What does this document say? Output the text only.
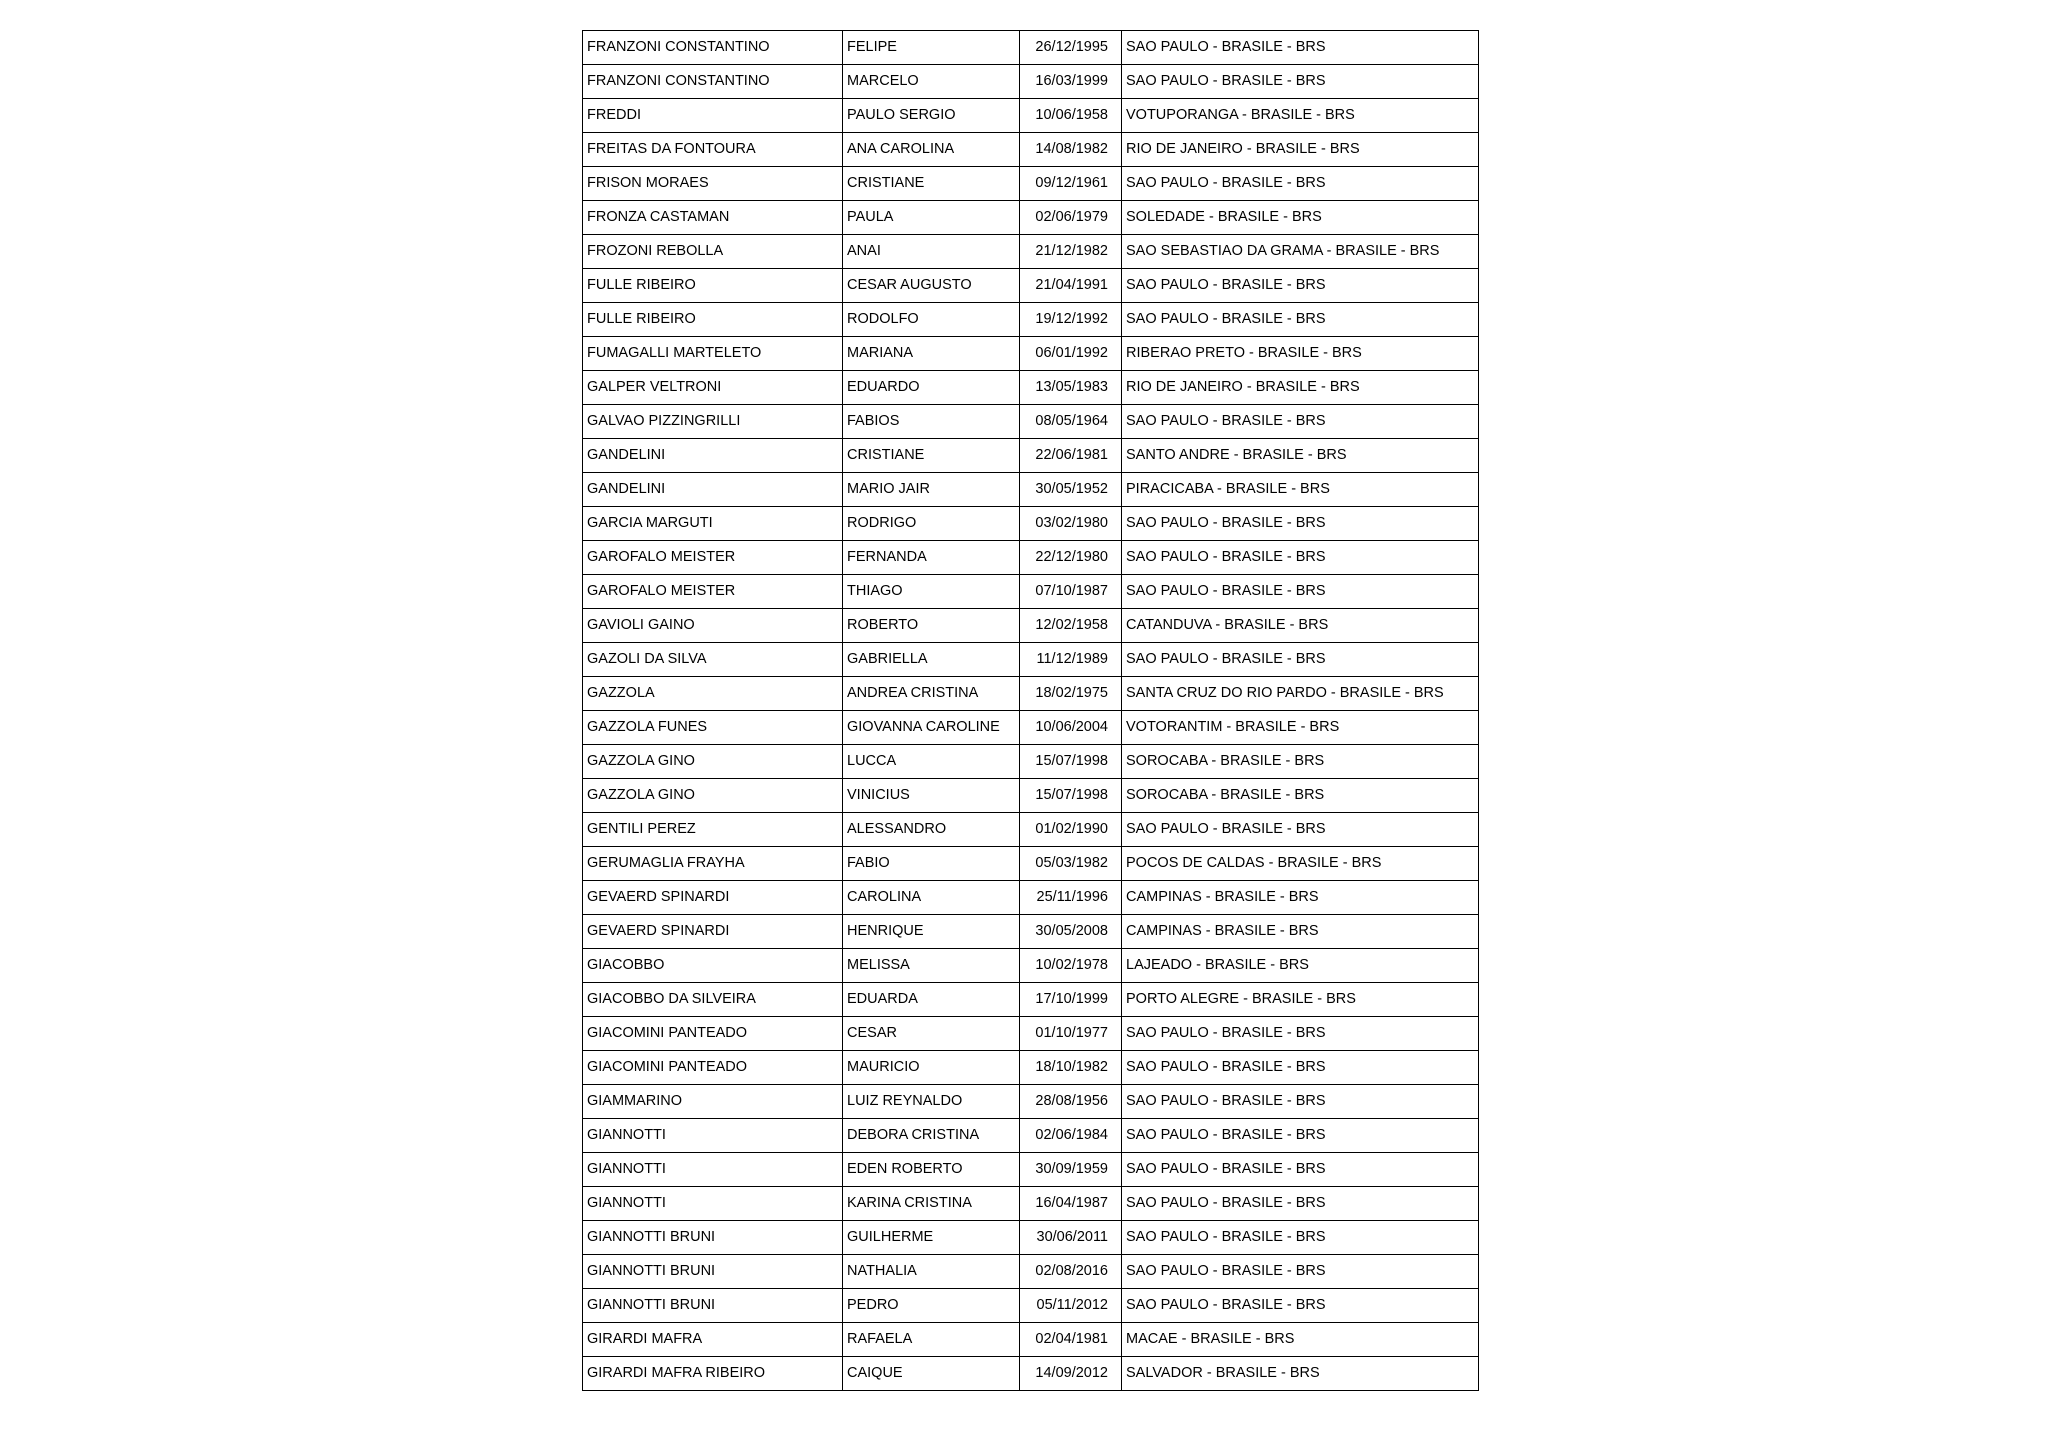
FRANZONI CONSTANTINO	FELIPE	26/12/1995	SAO PAULO - BRASILE - BRS
FRANZONI CONSTANTINO	MARCELO	16/03/1999	SAO PAULO - BRASILE - BRS
FREDDI	PAULO SERGIO	10/06/1958	VOTUPORANGA - BRASILE - BRS
FREITAS DA FONTOURA	ANA CAROLINA	14/08/1982	RIO DE JANEIRO - BRASILE - BRS
FRISON MORAES	CRISTIANE	09/12/1961	SAO PAULO - BRASILE - BRS
FRONZA CASTAMAN	PAULA	02/06/1979	SOLEDADE - BRASILE - BRS
FROZONI REBOLLA	ANAI	21/12/1982	SAO SEBASTIAO DA GRAMA - BRASILE - BRS
FULLE RIBEIRO	CESAR AUGUSTO	21/04/1991	SAO PAULO - BRASILE - BRS
FULLE RIBEIRO	RODOLFO	19/12/1992	SAO PAULO - BRASILE - BRS
FUMAGALLI MARTELETO	MARIANA	06/01/1992	RIBERAO PRETO - BRASILE - BRS
GALPER VELTRONI	EDUARDO	13/05/1983	RIO DE JANEIRO - BRASILE - BRS
GALVAO PIZZINGRILLI	FABIOS	08/05/1964	SAO PAULO - BRASILE - BRS
GANDELINI	CRISTIANE	22/06/1981	SANTO ANDRE - BRASILE - BRS
GANDELINI	MARIO JAIR	30/05/1952	PIRACICABA - BRASILE - BRS
GARCIA MARGUTI	RODRIGO	03/02/1980	SAO PAULO - BRASILE - BRS
GAROFALO MEISTER	FERNANDA	22/12/1980	SAO PAULO - BRASILE - BRS
GAROFALO MEISTER	THIAGO	07/10/1987	SAO PAULO - BRASILE - BRS
GAVIOLI GAINO	ROBERTO	12/02/1958	CATANDUVA - BRASILE - BRS
GAZOLI DA SILVA	GABRIELLA	11/12/1989	SAO PAULO - BRASILE - BRS
GAZZOLA	ANDREA CRISTINA	18/02/1975	SANTA CRUZ DO RIO PARDO - BRASILE - BRS
GAZZOLA FUNES	GIOVANNA CAROLINE	10/06/2004	VOTORANTIM - BRASILE - BRS
GAZZOLA GINO	LUCCA	15/07/1998	SOROCABA - BRASILE - BRS
GAZZOLA GINO	VINICIUS	15/07/1998	SOROCABA - BRASILE - BRS
GENTILI PEREZ	ALESSANDRO	01/02/1990	SAO PAULO - BRASILE - BRS
GERUMAGLIA FRAYHA	FABIO	05/03/1982	POCOS DE CALDAS - BRASILE - BRS
GEVAERD SPINARDI	CAROLINA	25/11/1996	CAMPINAS - BRASILE - BRS
GEVAERD SPINARDI	HENRIQUE	30/05/2008	CAMPINAS - BRASILE - BRS
GIACOBBO	MELISSA	10/02/1978	LAJEADO - BRASILE - BRS
GIACOBBO DA SILVEIRA	EDUARDA	17/10/1999	PORTO ALEGRE - BRASILE - BRS
GIACOMINI PANTEADO	CESAR	01/10/1977	SAO PAULO - BRASILE - BRS
GIACOMINI PANTEADO	MAURICIO	18/10/1982	SAO PAULO - BRASILE - BRS
GIAMMARINO	LUIZ REYNALDO	28/08/1956	SAO PAULO - BRASILE - BRS
GIANNOTTI	DEBORA CRISTINA	02/06/1984	SAO PAULO - BRASILE - BRS
GIANNOTTI	EDEN ROBERTO	30/09/1959	SAO PAULO - BRASILE - BRS
GIANNOTTI	KARINA CRISTINA	16/04/1987	SAO PAULO - BRASILE - BRS
GIANNOTTI BRUNI	GUILHERME	30/06/2011	SAO PAULO - BRASILE - BRS
GIANNOTTI BRUNI	NATHALIA	02/08/2016	SAO PAULO - BRASILE - BRS
GIANNOTTI BRUNI	PEDRO	05/11/2012	SAO PAULO - BRASILE - BRS
GIRARDI MAFRA	RAFAELA	02/04/1981	MACAE - BRASILE - BRS
GIRARDI MAFRA RIBEIRO	CAIQUE	14/09/2012	SALVADOR - BRASILE - BRS
